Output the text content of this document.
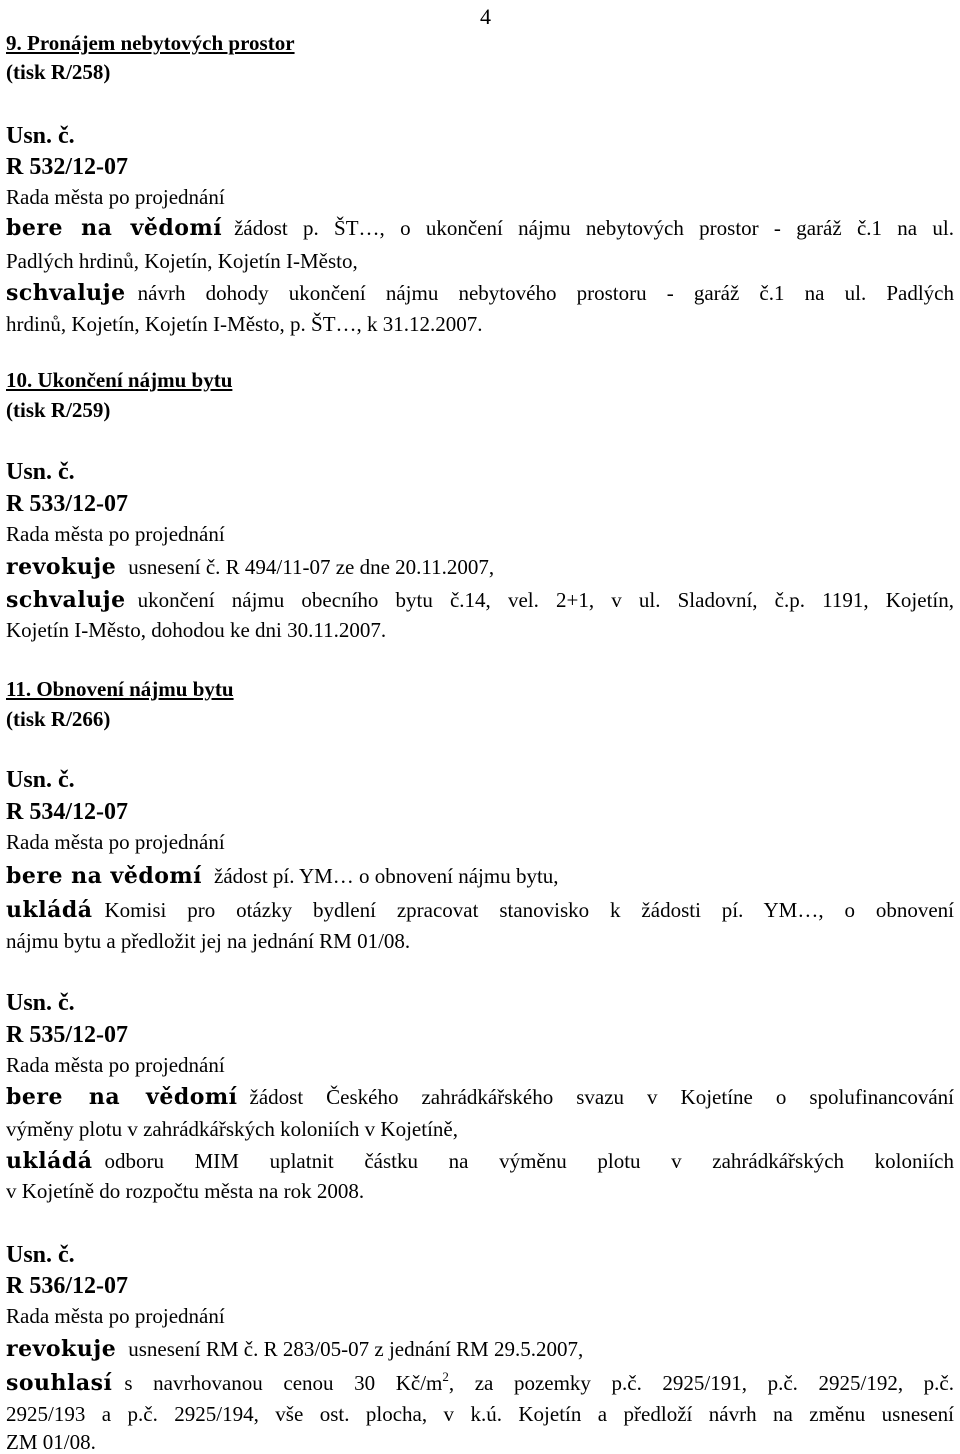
4
9. Pronájem nebytových prostor
(tisk R/258)
Usn. č.
R 532/12-07
Rada města po projednání
bere na vědomí žádost p. ŠT…, o ukončení nájmu nebytových prostor - garáž č.1 na ul.
Padlých hrdinů, Kojetín, Kojetín I-Město,
schvaluje návrh dohody ukončení nájmu nebytového prostoru - garáž č.1 na ul. Padlých
hrdinů, Kojetín, Kojetín I-Město, p. ŠT…, k 31.12.2007.
10. Ukončení nájmu bytu
(tisk R/259)
Usn. č.
R 533/12-07
Rada města po projednání
revokuje usnesení č. R 494/11-07 ze dne 20.11.2007,
schvaluje ukončení nájmu obecního bytu č.14, vel. 2+1, v ul. Sladovní, č.p. 1191, Kojetín,
Kojetín I-Město, dohodou ke dni 30.11.2007.
11. Obnovení nájmu bytu
(tisk R/266)
Usn. č.
R 534/12-07
Rada města po projednání
bere na vědomí žádost pí. YM… o obnovení nájmu bytu,
ukládá Komisi pro otázky bydlení zpracovat stanovisko k žádosti pí. YM…, o obnovení
nájmu bytu a předložit jej na jednání RM 01/08.
Usn. č.
R 535/12-07
Rada města po projednání
bere na vědomí žádost Českého zahrádkářského svazu v Kojetíne o spolufinancování
výměny plotu v zahrádkářských koloniích v Kojetíně,
ukládá odboru MIM uplatnit částku na výměnu plotu v zahrádkářských koloniích
v Kojetíně do rozpočtu města na rok 2008.
Usn. č.
R 536/12-07
Rada města po projednání
revokuje usnesení RM č. R 283/05-07 z jednání RM 29.5.2007,
souhlasí s navrhovanou cenou 30 $Kč/m^2$, za pozemky p.č. 2925/191, p.č. 2925/192, p.č.
2925/193 a p.č. 2925/194, vše ost. plocha, v k.ú. Kojetín a předloží návrh na změnu usnesení
ZM 01/08.
